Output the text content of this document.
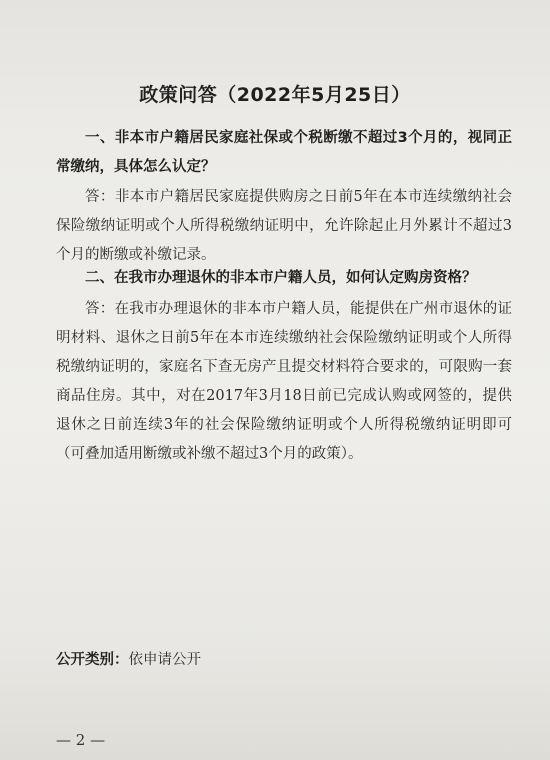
政策问答（2022年5月25日）

一、非本市户籍居民家庭社保或个税断缴不超过3个月的，视同正常缴纳，具体怎么认定？

答：非本市户籍居民家庭提供购房之日前5年在本市连续缴纳社会保险缴纳证明或个人所得税缴纳证明中，允许除起止月外累计不超过3个月的断缴或补缴记录。

二、在我市办理退休的非本市户籍人员，如何认定购房资格？

答：在我市办理退休的非本市户籍人员，能提供在广州市退休的证明材料、退休之日前5年在本市连续缴纳社会保险缴纳证明或个人所得税缴纳证明的，家庭名下查无房产且提交材料符合要求的，可限购一套商品住房。其中，对在2017年3月18日前已完成认购或网签的，提供退休之日前连续3年的社会保险缴纳证明或个人所得税缴纳证明即可（可叠加适用断缴或补缴不超过3个月的政策）。

公开类别：依申请公开
— 2 —
